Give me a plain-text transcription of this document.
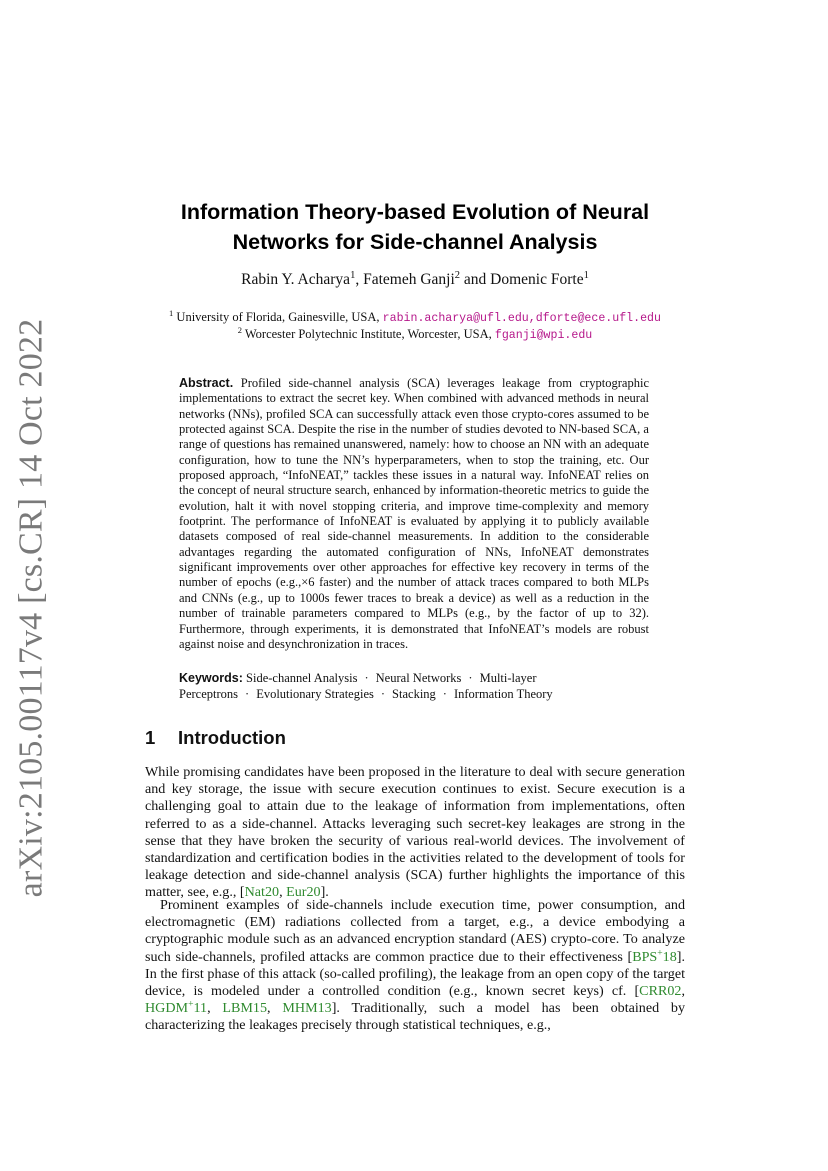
arXiv:2105.00117v4 [cs.CR] 14 Oct 2022
Information Theory-based Evolution of Neural
Networks for Side-channel Analysis
Rabin Y. Acharya$^1$, Fatemeh Ganji$^2$ and Domenic Forte$^1$
$^1$ University of Florida, Gainesville, USA, rabin.acharya@ufl.edu,dforte@ece.ufl.edu
$^2$ Worcester Polytechnic Institute, Worcester, USA, fganji@wpi.edu

Abstract. Profiled side-channel analysis (SCA) leverages leakage from cryptographic implementations to extract the secret key. When combined with advanced methods in neural networks (NNs), profiled SCA can successfully attack even those crypto-cores assumed to be protected against SCA. Despite the rise in the number of studies devoted to NN-based SCA, a range of questions has remained unanswered, namely: how to choose an NN with an adequate configuration, how to tune the NN’s hyperparameters, when to stop the training, etc. Our proposed approach, “InfoNEAT,” tackles these issues in a natural way. InfoNEAT relies on the concept of neural structure search, enhanced by information-theoretic metrics to guide the evolution, halt it with novel stopping criteria, and improve time-complexity and memory footprint. The performance of InfoNEAT is evaluated by applying it to publicly available datasets composed of real side-channel measurements. In addition to the considerable advantages regarding the automated configuration of NNs, InfoNEAT demonstrates significant improvements over other approaches for effective key recovery in terms of the number of epochs (e.g.,×6 faster) and the number of attack traces compared to both MLPs and CNNs (e.g., up to 1000s fewer traces to break a device) as well as a reduction in the number of trainable parameters compared to MLPs (e.g., by the factor of up to 32). Furthermore, through experiments, it is demonstrated that InfoNEAT’s models are robust against noise and desynchronization in traces.

Keywords: Side-channel Analysis · Neural Networks · Multi-layer Perceptrons · Evolutionary Strategies · Stacking · Information Theory
1 Introduction

While promising candidates have been proposed in the literature to deal with secure generation and key storage, the issue with secure execution continues to exist. Secure execution is a challenging goal to attain due to the leakage of information from implementations, often referred to as a side-channel. Attacks leveraging such secret-key leakages are strong in the sense that they have broken the security of various real-world devices. The involvement of standardization and certification bodies in the activities related to the development of tools for leakage detection and side-channel analysis (SCA) further highlights the importance of this matter, see, e.g., [Nat20, Eur20].

Prominent examples of side-channels include execution time, power consumption, and electromagnetic (EM) radiations collected from a target, e.g., a device embodying a cryptographic module such as an advanced encryption standard (AES) crypto-core. To analyze such side-channels, profiled attacks are common practice due to their effectiveness [BPS+18]. In the first phase of this attack (so-called profiling), the leakage from an open copy of the target device, is modeled under a controlled condition (e.g., known secret keys) cf. [CRR02, HGDM+11, LBM15, MHM13]. Traditionally, such a model has been obtained by characterizing the leakages precisely through statistical techniques, e.g.,
